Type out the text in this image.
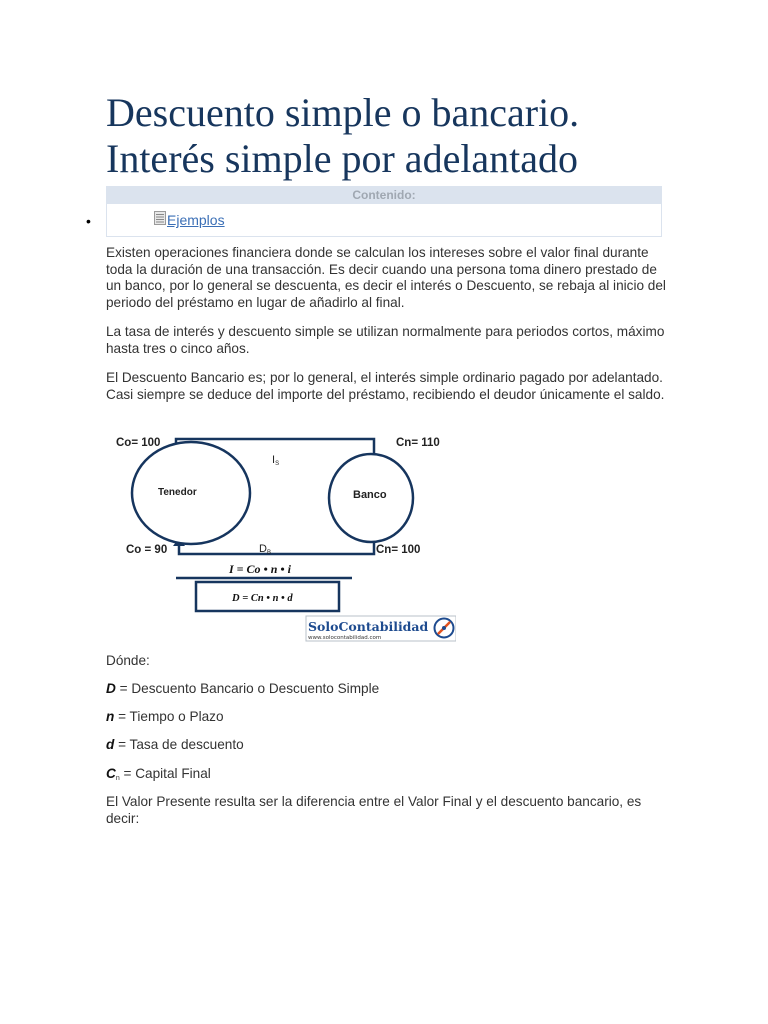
Descuento simple o bancario.
Interés simple por adelantado
•
Contenido:
Ejemplos

Existen operaciones financiera donde se calculan los intereses sobre el valor final durante toda la duración de una transacción. Es decir cuando una persona toma dinero prestado de un banco, por lo general se descuenta, es decir el interés o Descuento, se rebaja al inicio del periodo del préstamo en lugar de añadirlo al final.

La tasa de interés y descuento simple se utilizan normalmente para periodos cortos, máximo hasta tres o cinco años.

El Descuento Bancario es; por lo general, el interés simple ordinario pagado por adelantado. Casi siempre se deduce del importe del préstamo, recibiendo el deudor únicamente el saldo.

Co= 100	Cn= 110
IS
Tenedor	Banco
Co = 90	DB	Cn= 100
I = Co • n • i
D = Cn • n • d
SoloContabilidad
www.solocontabilidad.com

Dónde:

D = Descuento Bancario o Descuento Simple

n = Tiempo o Plazo

d = Tasa de descuento

$C_n$ = Capital Final

El Valor Presente resulta ser la diferencia entre el Valor Final y el descuento bancario, es decir:
